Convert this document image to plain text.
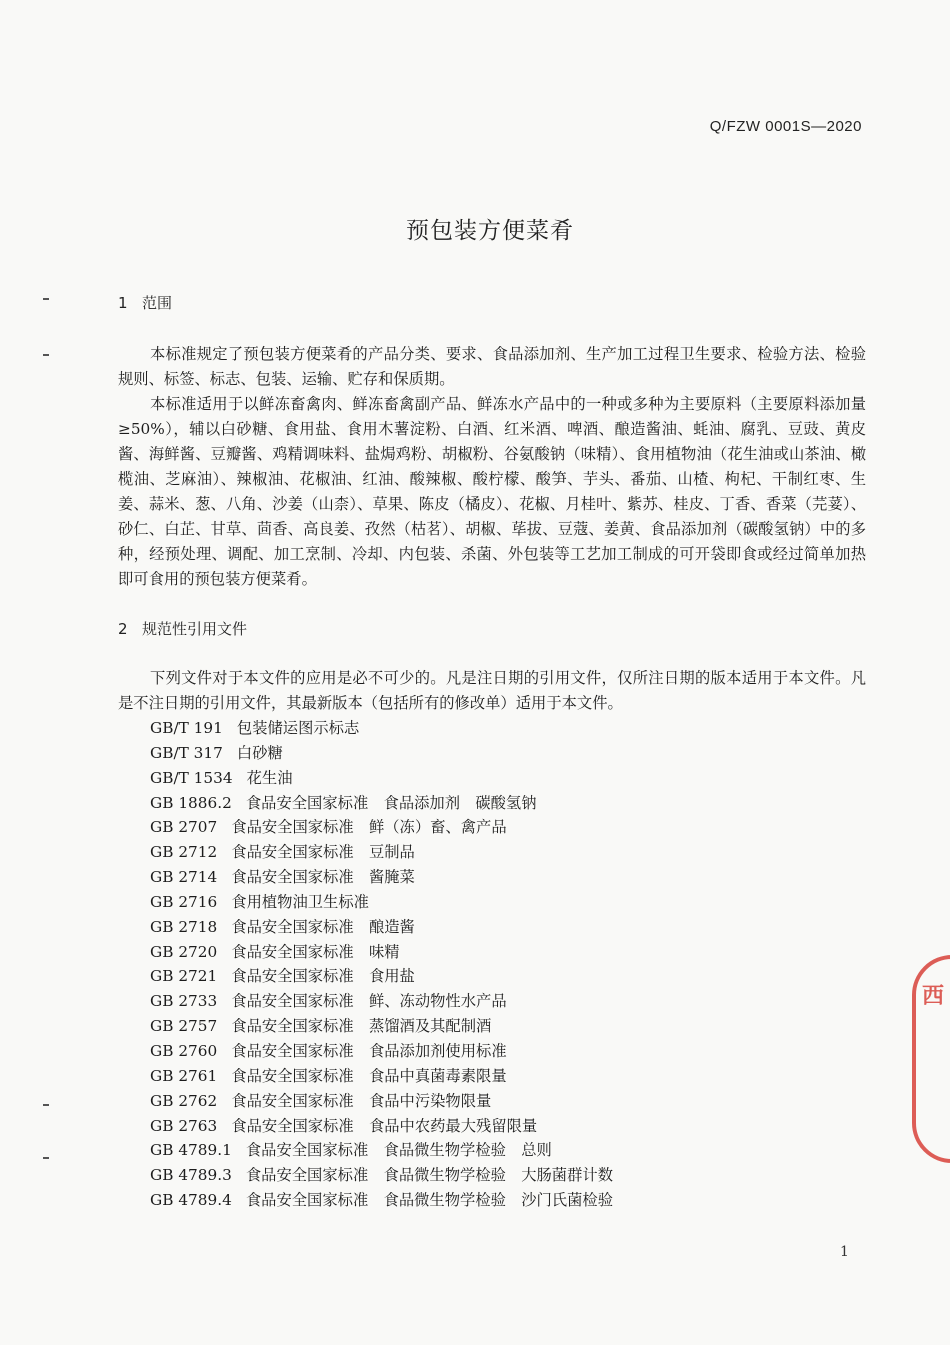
Q/FZW 0001S—2020
预包装方便菜肴
1 范围

本标准规定了预包装方便菜肴的产品分类、要求、食品添加剂、生产加工过程卫生要求、检验方法、检验规则、标签、标志、包装、运输、贮存和保质期。

本标准适用于以鲜冻畜禽肉、鲜冻畜禽副产品、鲜冻水产品中的一种或多种为主要原料（主要原料添加量≥50%），辅以白砂糖、食用盐、食用木薯淀粉、白酒、红米酒、啤酒、酿造酱油、蚝油、腐乳、豆豉、黄皮酱、海鲜酱、豆瓣酱、鸡精调味料、盐焗鸡粉、胡椒粉、谷氨酸钠（味精）、食用植物油（花生油或山茶油、橄榄油、芝麻油）、辣椒油、花椒油、红油、酸辣椒、酸柠檬、酸笋、芋头、番茄、山楂、枸杞、干制红枣、生姜、蒜米、葱、八角、沙姜（山柰）、草果、陈皮（橘皮）、花椒、月桂叶、紫苏、桂皮、丁香、香菜（芫荽）、砂仁、白芷、甘草、茴香、高良姜、孜然（枯茗）、胡椒、荜拔、豆蔻、姜黄、食品添加剂（碳酸氢钠）中的多种，经预处理、调配、加工烹制、冷却、内包装、杀菌、外包装等工艺加工制成的可开袋即食或经过简单加热即可食用的预包装方便菜肴。

2 规范性引用文件

下列文件对于本文件的应用是必不可少的。凡是注日期的引用文件，仅所注日期的版本适用于本文件。凡是不注日期的引用文件，其最新版本（包括所有的修改单）适用于本文件。

GB/T 191 包装储运图示标志
GB/T 317 白砂糖
GB/T 1534 花生油
GB 1886.2 食品安全国家标准　食品添加剂　碳酸氢钠
GB 2707 食品安全国家标准　鲜（冻）畜、禽产品
GB 2712 食品安全国家标准　豆制品
GB 2714 食品安全国家标准　酱腌菜
GB 2716 食用植物油卫生标准
GB 2718 食品安全国家标准　酿造酱
GB 2720 食品安全国家标准　味精
GB 2721 食品安全国家标准　食用盐
GB 2733 食品安全国家标准　鲜、冻动物性水产品
GB 2757 食品安全国家标准　蒸馏酒及其配制酒
GB 2760 食品安全国家标准　食品添加剂使用标准
GB 2761 食品安全国家标准　食品中真菌毒素限量
GB 2762 食品安全国家标准　食品中污染物限量
GB 2763 食品安全国家标准　食品中农药最大残留限量
GB 4789.1 食品安全国家标准　食品微生物学检验　总则
GB 4789.3 食品安全国家标准　食品微生物学检验　大肠菌群计数
GB 4789.4 食品安全国家标准　食品微生物学检验　沙门氏菌检验
1
西
